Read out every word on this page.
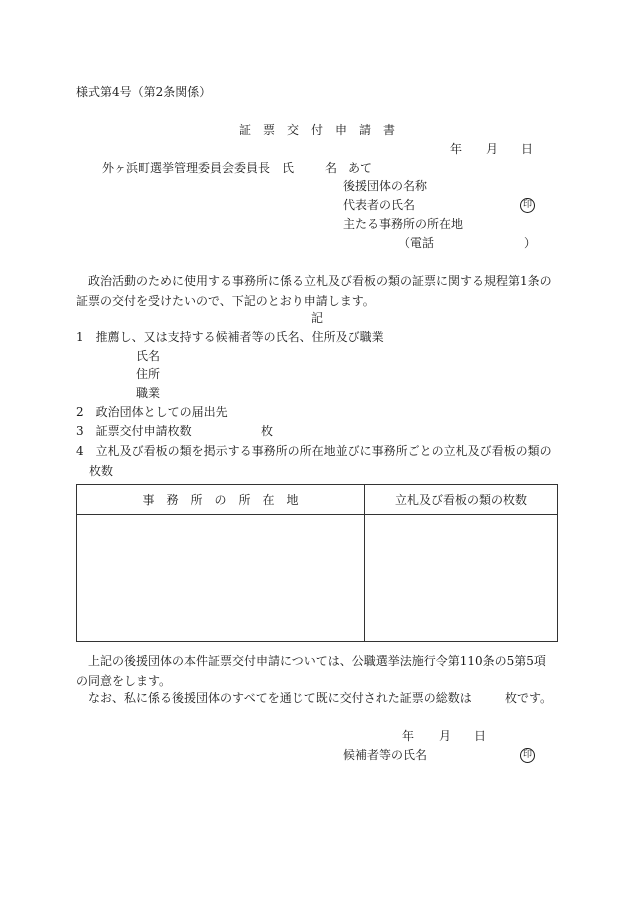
様式第4号（第2条関係）
証　票　交　付　申　請　書
年 月 日
外ヶ浜町選挙管理委員会委員長　氏	名 あて
後援団体の名称
代表者の氏名	印
主たる事務所の所在地
（電話	）
政治活動のために使用する事務所に係る立札及び看板の類の証票に関する規程第1条の証票の交付を受けたいので、下記のとおり申請します。
記
1　推薦し、又は支持する候補者等の氏名、住所及び職業
氏名
住所
職業
2　政治団体としての届出先
3　証票交付申請枚数	枚
4　立札及び看板の類を掲示する事務所の所在地並びに事務所ごとの立札及び看板の類の枚数
事　務　所　の　所　在　地	立札及び看板の類の枚数

上記の後援団体の本件証票交付申請については、公職選挙法施行令第110条の5第5項の同意をします。
なお、私に係る後援団体のすべてを通じて既に交付された証票の総数は	枚です。
年 月 日
候補者等の氏名	印
